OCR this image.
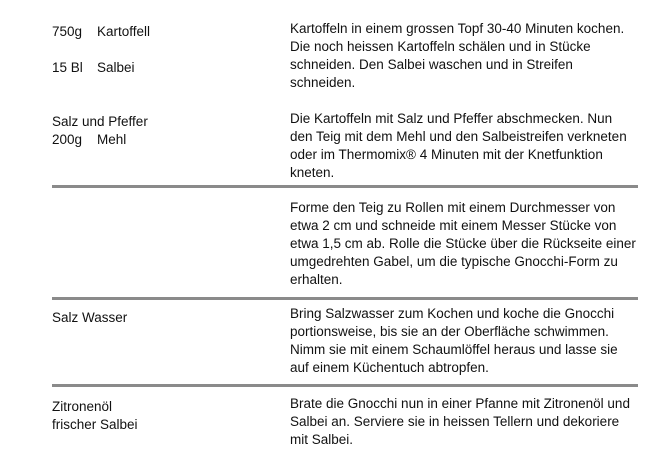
750g Kartoffell
15 Bl Salbei
Salz und Pfeffer
200g Mehl

Kartoffeln in einem grossen Topf 30-40 Minuten kochen.

Die noch heissen Kartoffeln schälen und in Stücke

schneiden. Den Salbei waschen und in Streifen

schneiden.

Die Kartoffeln mit Salz und Pfeffer abschmecken. Nun

den Teig mit dem Mehl und den Salbeistreifen verkneten

oder im Thermomix® 4 Minuten mit der Knetfunktion

kneten.

Forme den Teig zu Rollen mit einem Durchmesser von

etwa 2 cm und schneide mit einem Messer Stücke von

etwa 1,5 cm ab. Rolle die Stücke über die Rückseite einer

umgedrehten Gabel, um die typische Gnocchi-Form zu

erhalten.

Salz Wasser	Bring Salzwasser zum Kochen und koche die Gnocchi

portionsweise, bis sie an der Oberfläche schwimmen.

Nimm sie mit einem Schaumlöffel heraus und lasse sie

auf einem Küchentuch abtropfen.

Zitronenöl
frischer Salbei

Brate die Gnocchi nun in einer Pfanne mit Zitronenöl und

Salbei an. Serviere sie in heissen Tellern und dekoriere

mit Salbei.
